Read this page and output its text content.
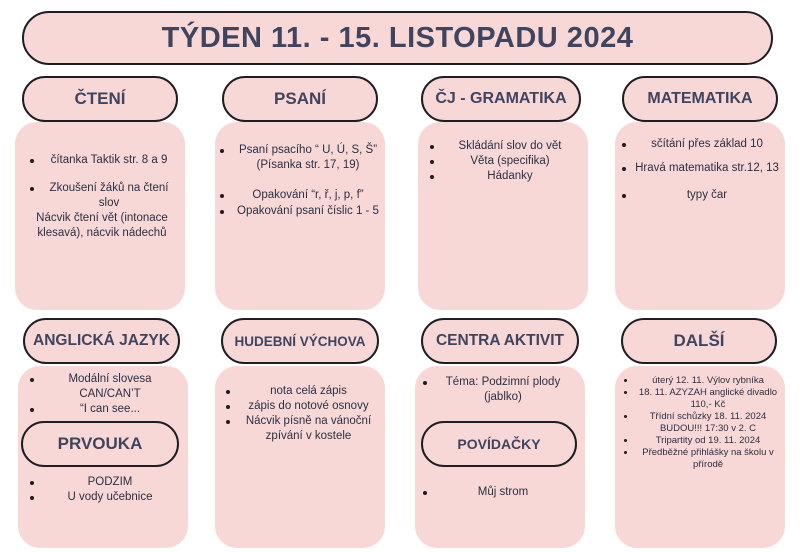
TÝDEN 11. - 15. LISTOPADU 2024
ČTENÍ	PSANÍ	ČJ - GRAMATIKA	MATEMATIKA
čítanka Taktik str. 8 a 9
Zkoušení žáků na čtení slov
Nácvik čtení vět (intonace klesavá), nácvik nádechů
Psaní psacího “ U, Ú, S, Š” (Písanka str. 17, 19)
Opakování “r, ř, j, p, f”
Opakování psaní číslic 1 - 5
Skládání slov do vět
Věta (specifika)
Hádanky
sčítání přes základ 10
Hravá matematika str.12, 13
typy čar
ANGLICKÁ JAZYK	HUDEBNÍ VÝCHOVA	CENTRA AKTIVIT	DALŠÍ
Modální slovesa CAN/CAN’T
“I can see...
PRVOUKA
PODZIM
U vody učebnice
nota celá zápis
zápis do notové osnovy
Nácvik písně na vánoční zpívání v kostele
Téma: Podzimní plody (jablko)
POVÍDAČKY
Můj strom
úterý 12. 11. Výlov rybníka
18. 11. AZYZAH anglické divadlo 110,- Kč
Třídní schůzky 18. 11. 2024 BUDOU!!! 17:30 v 2. C
Tripartity od 19. 11. 2024
Předběžné přihlášky na školu v přírodě
